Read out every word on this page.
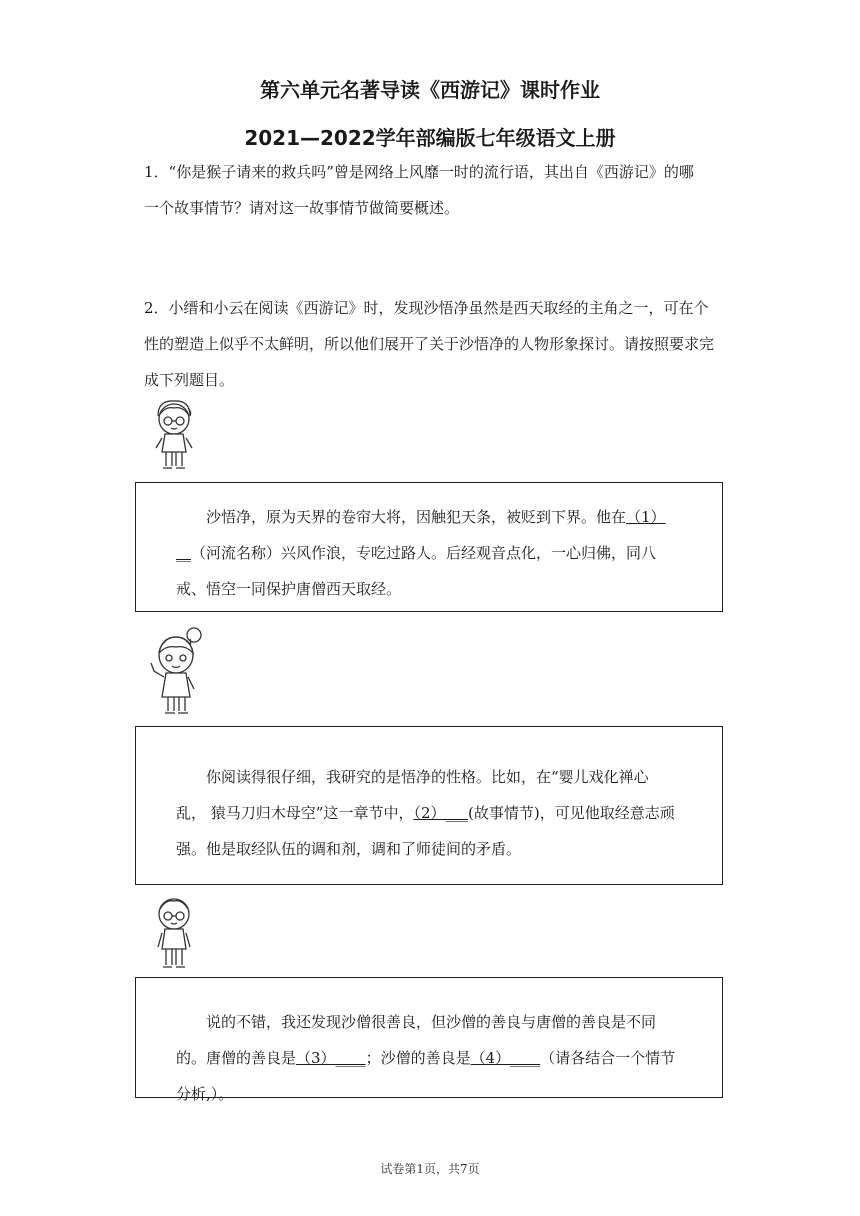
第六单元名著导读《西游记》课时作业
2021—2022学年部编版七年级语文上册

1．“你是猴子请来的救兵吗”曾是网络上风靡一时的流行语，其出自《西游记》的哪
一个故事情节？请对这一故事情节做简要概述。

2．小缙和小云在阅读《西游记》时，发现沙悟净虽然是西天取经的主角之一，可在个
性的塑造上似乎不太鲜明，所以他们展开了关于沙悟净的人物形象探讨。请按照要求完
成下列题目。

沙悟净，原为天界的卷帘大将，因触犯天条，被贬到下界。他在（1）__（河流名称）兴风作浪，专吃过路人。后经观音点化，一心归佛，同八戒、悟空一同保护唐僧西天取经。

你阅读得很仔细，我研究的是悟净的性格。比如，在“婴儿戏化禅心乱， 猿马刀归木母空”这一章节中，（2）___(故事情节)，可见他取经意志顽强。他是取经队伍的调和剂，调和了师徒间的矛盾。

说的不错，我还发现沙僧很善良，但沙僧的善良与唐僧的善良是不同的。唐僧的善良是（3）____；沙僧的善良是（4）____（请各结合一个情节分析,）。

试卷第1页，共7页
